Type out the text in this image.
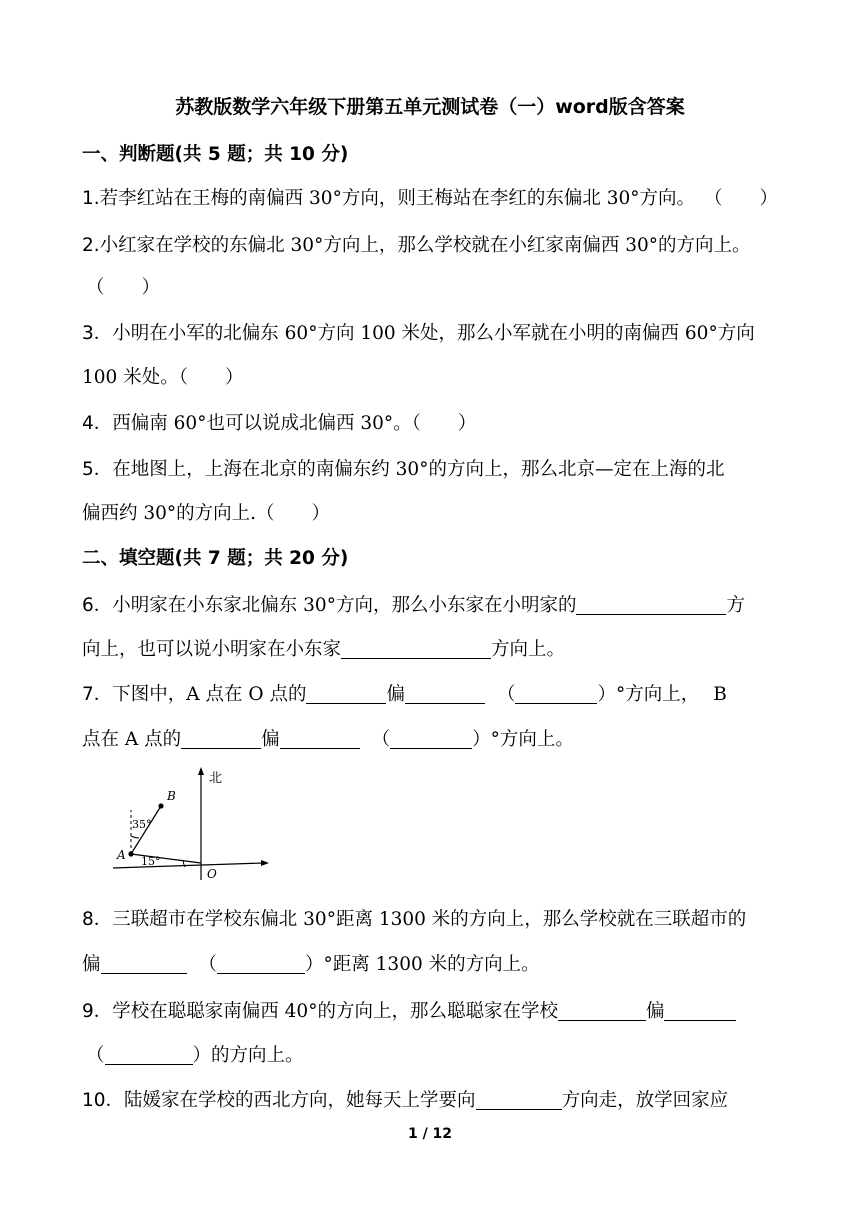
苏教版数学六年级下册第五单元测试卷（一）word版含答案
一、判断题(共 5 题；共 10 分)
1.若李红站在王梅的南偏西 30°方向，则王梅站在李红的东偏北 30°方向。 （　　）
2.小红家在学校的东偏北 30°方向上，那么学校就在小红家南偏西 30°的方向上。
（　　）
3．小明在小军的北偏东 60°方向 100 米处，那么小军就在小明的南偏西 60°方向
100 米处。（　　）
4．西偏南 60°也可以说成北偏西 30°。（　　）
5．在地图上，上海在北京的南偏东约 30°的方向上，那么北京—定在上海的北
偏西约 30°的方向上.（　　）
二、填空题(共 7 题；共 20 分)
6．小明家在小东家北偏东 30°方向，那么小东家在小明家的	方
向上，也可以说小明家在小东家	方向上。
7．下图中，A 点在 O 点的	偏	（	）°方向上， B
点在 A 点的	偏	（	）°方向上。
北
B
A
O
35°
15°
8．三联超市在学校东偏北 30°距离 1300 米的方向上，那么学校就在三联超市的
偏	（	）°距离 1300 米的方向上。
9．学校在聪聪家南偏西 40°的方向上，那么聪聪家在学校	偏
（	）的方向上。
10．陆媛家在学校的西北方向，她每天上学要向	方向走，放学回家应
1 / 12
